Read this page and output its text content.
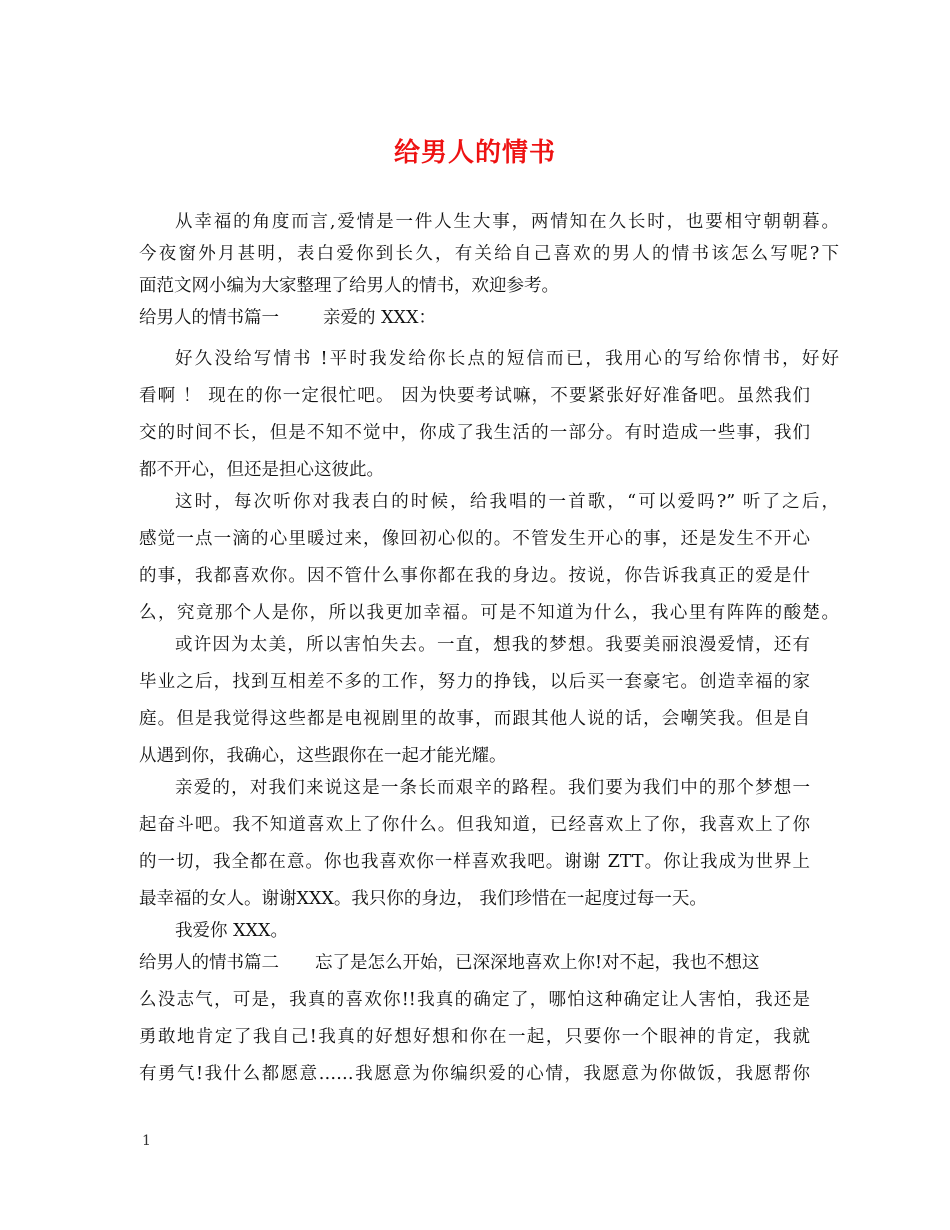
给男人的情书

从幸福的角度而言,爱情是一件人生大事，两情知在久长时，也要相守朝朝暮。

今夜窗外月甚明，表白爱你到长久，有关给自己喜欢的男人的情书该怎么写呢?下

面范文网小编为大家整理了给男人的情书，欢迎参考。

给男人的情书篇一	亲爱的 XXX：

好久没给写情书 !平时我发给你长点的短信而已，我用心的写给你情书，好好

看啊 ！ 现在的你一定很忙吧。 因为快要考试嘛，不要紧张好好准备吧。虽然我们

交的时间不长，但是不知不觉中，你成了我生活的一部分。有时造成一些事，我们

都不开心，但还是担心这彼此。

这时，每次听你对我表白的时候，给我唱的一首歌，“可以爱吗?” 听了之后，

感觉一点一滴的心里暖过来，像回初心似的。不管发生开心的事，还是发生不开心

的事，我都喜欢你。因不管什么事你都在我的身边。按说，你告诉我真正的爱是什

么，究竟那个人是你，所以我更加幸福。可是不知道为什么，我心里有阵阵的酸楚。

或许因为太美，所以害怕失去。一直，想我的梦想。我要美丽浪漫爱情，还有

毕业之后，找到互相差不多的工作，努力的挣钱，以后买一套豪宅。创造幸福的家

庭。但是我觉得这些都是电视剧里的故事，而跟其他人说的话，会嘲笑我。但是自

从遇到你，我确心，这些跟你在一起才能光耀。

亲爱的，对我们来说这是一条长而艰辛的路程。我们要为我们中的那个梦想一

起奋斗吧。我不知道喜欢上了你什么。但我知道，已经喜欢上了你，我喜欢上了你

的一切，我全都在意。你也我喜欢你一样喜欢我吧。谢谢 ZTT。你让我成为世界上

最幸福的女人。谢谢XXX。我只你的身边， 我们珍惜在一起度过每一天。

我爱你 XXX。

给男人的情书篇二 忘了是怎么开始，已深深地喜欢上你!对不起，我也不想这

么没志气，可是，我真的喜欢你!!我真的确定了，哪怕这种确定让人害怕，我还是

勇敢地肯定了我自己!我真的好想好想和你在一起，只要你一个眼神的肯定，我就

有勇气!我什么都愿意……我愿意为你编织爱的心情，我愿意为你做饭，我愿帮你

1
